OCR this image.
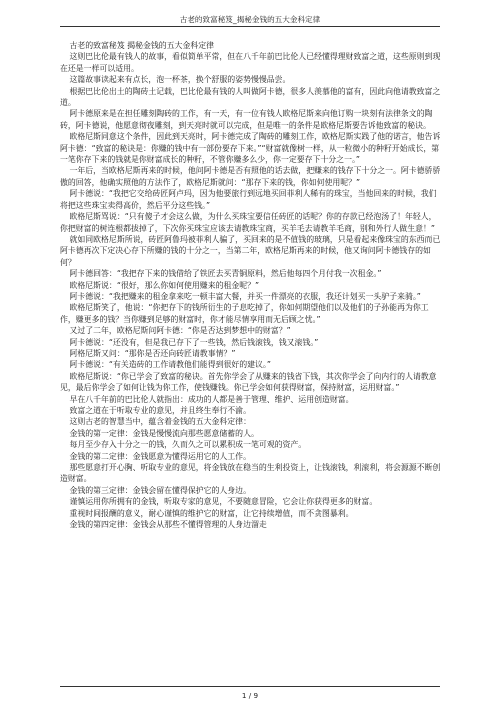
古老的致富秘笈_揭秘金钱的五大金科定律

古老的致富秘笈 揭秘金钱的五大金科定律

这则巴比伦最有钱人的故事，看似简单平常，但在八千年前巴比伦人已经懂得理财致富之道，这些原则到现在还是一样可以适用。

这篇故事读起来有点长，泡一杯茶，换个舒服的姿势慢慢品尝。

根据巴比伦出土的陶砖土记载，巴比伦最有钱的人叫做阿卡德，很多人羡慕他的富有，因此向他请教致富之道。

阿卡德原来是在担任雕刻陶砖的工作，有一天，有一位有钱人欧格尼斯来向他订购一块刻有法律条文的陶砖，阿卡德说，他愿意彻夜雕刻，到天亮时就可以完成，但是唯一的条件是欧格尼斯要告诉他致富的秘诀。

欧格尼斯同意这个条件，因此到天亮时，阿卡德完成了陶砖的雕刻工作，欧格尼斯实践了他的诺言，他告诉阿卡德：“致富的秘诀是：你赚的钱中有一部份要存下来。”“财富就像树一样，从一粒微小的种籽开始成长，第一笔你存下来的钱就是你财富成长的种籽，不管你赚多么少，你一定要存下十分之一。”

一年后，当欧格尼斯再来的时候，他问阿卡德是否有照他的话去做，把赚来的钱存下十分之一。阿卡德骄骄傲的回答，他确实照他的方法作了，欧格尼斯就问：“那存下来的钱，你如何使用呢？”

阿卡德说：“我把它交给砖匠阿卢玛，因为他要旅行到远地买回菲利人稀有的珠宝，当他回来的时候，我们将把这些珠宝卖得高价，然后平分这些钱。”

欧格尼斯骂说：“只有傻子才会这么做，为什么买珠宝要信任砖匠的话呢？你的存款已经泡汤了！年轻人，你把财富的树连根都拔掉了，下次你买珠宝应该去请教珠宝商，买羊毛去请教羊毛商，别和外行人做生意！”

就如同欧格尼斯所说，砖匠阿鲁玛被菲利人骗了，买回来的是不值钱的玻璃，只是看起来像珠宝的东西而已阿卡德再次下定决心存下所赚的钱的十分之一，当第二年，欧格尼斯再来的时候，他又询问阿卡德钱存的如何？

阿卡德回答：“我把存下来的钱借给了铁匠去买青铜原料，然后他每四个月付我一次租金。”

欧格尼斯说：“很好，那么你如何使用赚来的租金呢？”

阿卡德说：“我把赚来的租金拿来吃一顿丰富大餐，并买一件漂亮的衣服，我还计划买一头驴子来骑。”

欧格尼斯笑了，他说：“你把存下的钱所衍生的子息吃掉了，你如何期望他们以及他们的子孙能再为你工作，赚更多的钱？当你赚到足够的财富时，你才能尽情享用而无后顾之忧。”

又过了二年，欧格尼斯问阿卡德：“你是否达到梦想中的财富？”

阿卡德说：“还没有，但是我已存下了一些钱，然后钱滚钱，钱又滚钱。”

阿格尼斯又问：“那你是否还向砖匠请教事情？”

阿卡德说：“有关造砖的工作请教他们能得到很好的建议。”

欧格尼斯说：“你已学会了致富的秘诀。首先你学会了从赚来的钱省下钱，其次你学会了向内行的人请教意见，最后你学会了如何让钱为你工作，使钱赚钱。你已学会如何获得财富，保持财富，运用财富。”

早在八千年前的巴比伦人就指出：成功的人都是善于管理、维护、运用创造财富。

致富之道在于听取专业的意见，并且终生奉行不渝。

这则古老的智慧当中，蕴含着金钱的五大金科定律：

金钱的第一定律：金钱是慢慢流向那些愿意储蓄的人。

每月至少存入十分之一的钱，久而久之可以累积成一笔可观的资产。

金钱的第二定律：金钱愿意为懂得运用它的人工作。

那些愿意打开心胸、听取专业的意见，将金钱放在稳当的生利投资上，让钱滚钱，利滚利，将会源源不断创造财富。

金钱的第三定律：金钱会留在懂得保护它的人身边。

谨慎运用你所拥有的金钱，听取专家的意见，不要随意冒险，它会让你获得更多的财富。

重视时间报酬的意义，耐心谨慎的维护它的财富，让它持续增值，而不贪图暴利。

金钱的第四定律：金钱会从那些不懂得管理的人身边溜走

1 / 9
